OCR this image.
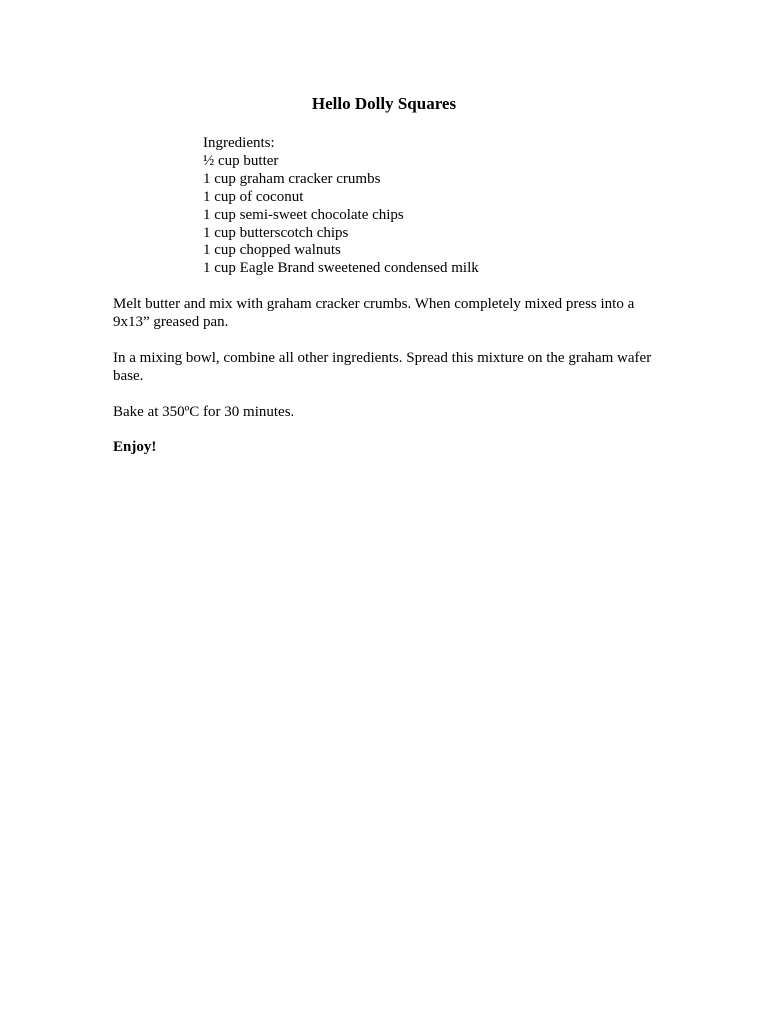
Hello Dolly Squares
Ingredients:
½ cup butter
1 cup graham cracker crumbs
1 cup of coconut
1 cup semi-sweet chocolate chips
1 cup butterscotch chips
1 cup chopped walnuts
1 cup Eagle Brand sweetened condensed milk
Melt butter and mix with graham cracker crumbs. When completely mixed press into a 9x13” greased pan.
In a mixing bowl, combine all other ingredients. Spread this mixture on the graham wafer base.
Bake at 350ºC for 30 minutes.
Enjoy!
